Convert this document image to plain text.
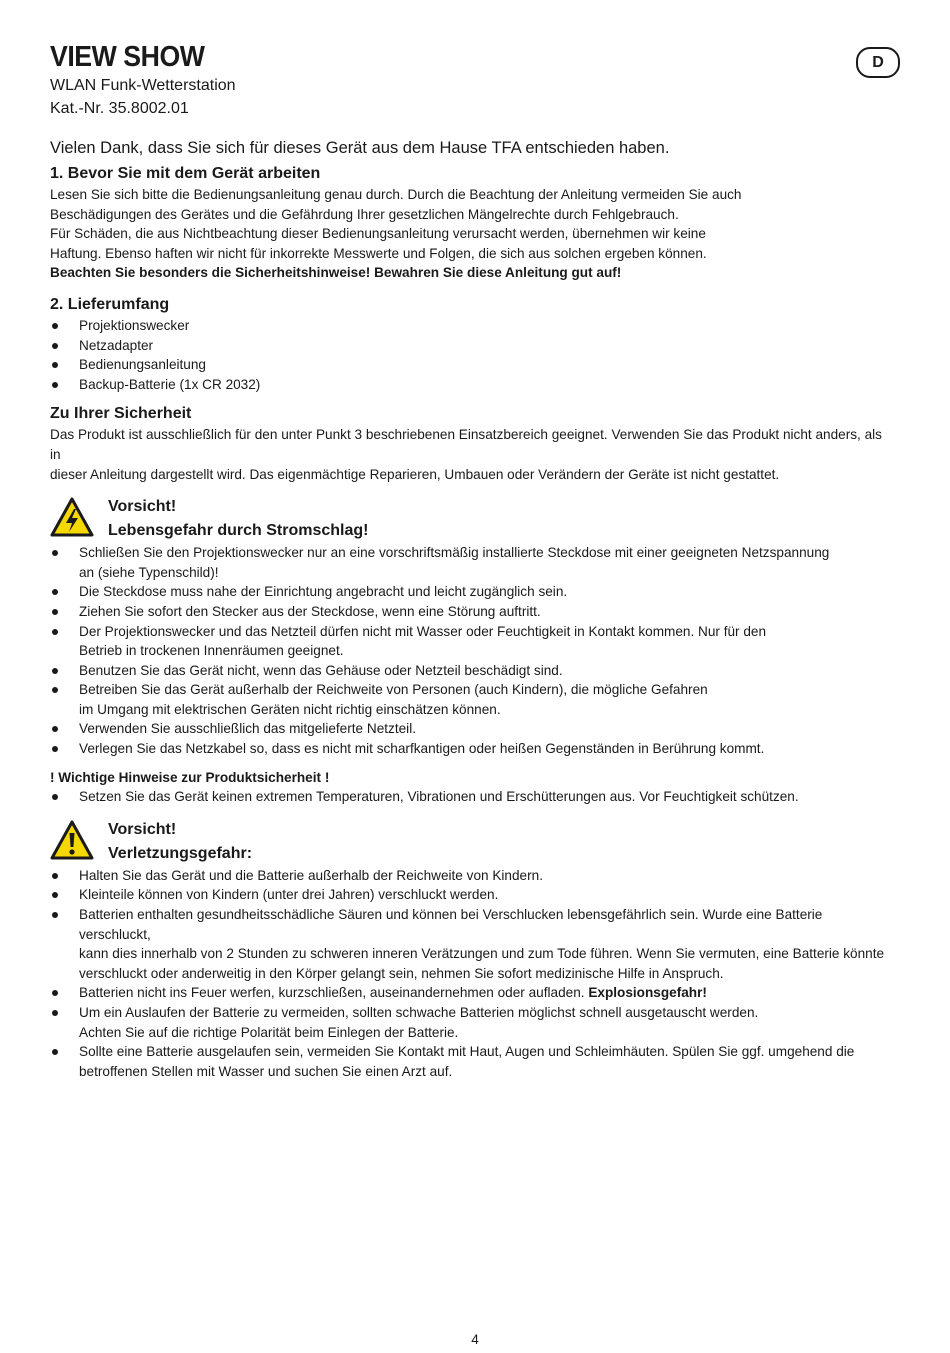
D
VIEW SHOW
WLAN Funk-Wetterstation
Kat.-Nr. 35.8002.01
Vielen Dank, dass Sie sich für dieses Gerät aus dem Hause TFA entschieden haben.
1. Bevor Sie mit dem Gerät arbeiten
Lesen Sie sich bitte die Bedienungsanleitung genau durch. Durch die Beachtung der Anleitung vermeiden Sie auch
Beschädigungen des Gerätes und die Gefährdung Ihrer gesetzlichen Mängelrechte durch Fehlgebrauch.
Für Schäden, die aus Nichtbeachtung dieser Bedienungsanleitung verursacht werden, übernehmen wir keine
Haftung. Ebenso haften wir nicht für inkorrekte Messwerte und Folgen, die sich aus solchen ergeben können.
Beachten Sie besonders die Sicherheitshinweise! Bewahren Sie diese Anleitung gut auf!
2. Lieferumfang
Projektionswecker
Netzadapter
Bedienungsanleitung
Backup-Batterie (1x CR 2032)
Zu Ihrer Sicherheit
Das Produkt ist ausschließlich für den unter Punkt 3 beschriebenen Einsatzbereich geeignet. Verwenden Sie das Produkt nicht anders, als in
dieser Anleitung dargestellt wird. Das eigenmächtige Reparieren, Umbauen oder Verändern der Geräte ist nicht gestattet.
Vorsicht!
Lebensgefahr durch Stromschlag!
Schließen Sie den Projektionswecker nur an eine vorschriftsmäßig installierte Steckdose mit einer geeigneten Netzspannung
an (siehe Typenschild)!
Die Steckdose muss nahe der Einrichtung angebracht und leicht zugänglich sein.
Ziehen Sie sofort den Stecker aus der Steckdose, wenn eine Störung auftritt.
Der Projektionswecker und das Netzteil dürfen nicht mit Wasser oder Feuchtigkeit in Kontakt kommen. Nur für den
Betrieb in trockenen Innenräumen geeignet.
Benutzen Sie das Gerät nicht, wenn das Gehäuse oder Netzteil beschädigt sind.
Betreiben Sie das Gerät außerhalb der Reichweite von Personen (auch Kindern), die mögliche Gefahren
im Umgang mit elektrischen Geräten nicht richtig einschätzen können.
Verwenden Sie ausschließlich das mitgelieferte Netzteil.
Verlegen Sie das Netzkabel so, dass es nicht mit scharfkantigen oder heißen Gegenständen in Berührung kommt.
! Wichtige Hinweise zur Produktsicherheit !
Setzen Sie das Gerät keinen extremen Temperaturen, Vibrationen und Erschütterungen aus. Vor Feuchtigkeit schützen.
Vorsicht!
Verletzungsgefahr:
Halten Sie das Gerät und die Batterie außerhalb der Reichweite von Kindern.
Kleinteile können von Kindern (unter drei Jahren) verschluckt werden.
Batterien enthalten gesundheitsschädliche Säuren und können bei Verschlucken lebensgefährlich sein. Wurde eine Batterie verschluckt,
kann dies innerhalb von 2 Stunden zu schweren inneren Verätzungen und zum Tode führen. Wenn Sie vermuten, eine Batterie könnte
verschluckt oder anderweitig in den Körper gelangt sein, nehmen Sie sofort medizinische Hilfe in Anspruch.
Batterien nicht ins Feuer werfen, kurzschließen, auseinandernehmen oder aufladen. Explosionsgefahr!
Um ein Auslaufen der Batterie zu vermeiden, sollten schwache Batterien möglichst schnell ausgetauscht werden.
Achten Sie auf die richtige Polarität beim Einlegen der Batterie.
Sollte eine Batterie ausgelaufen sein, vermeiden Sie Kontakt mit Haut, Augen und Schleimhäuten. Spülen Sie ggf. umgehend die
betroffenen Stellen mit Wasser und suchen Sie einen Arzt auf.
4
